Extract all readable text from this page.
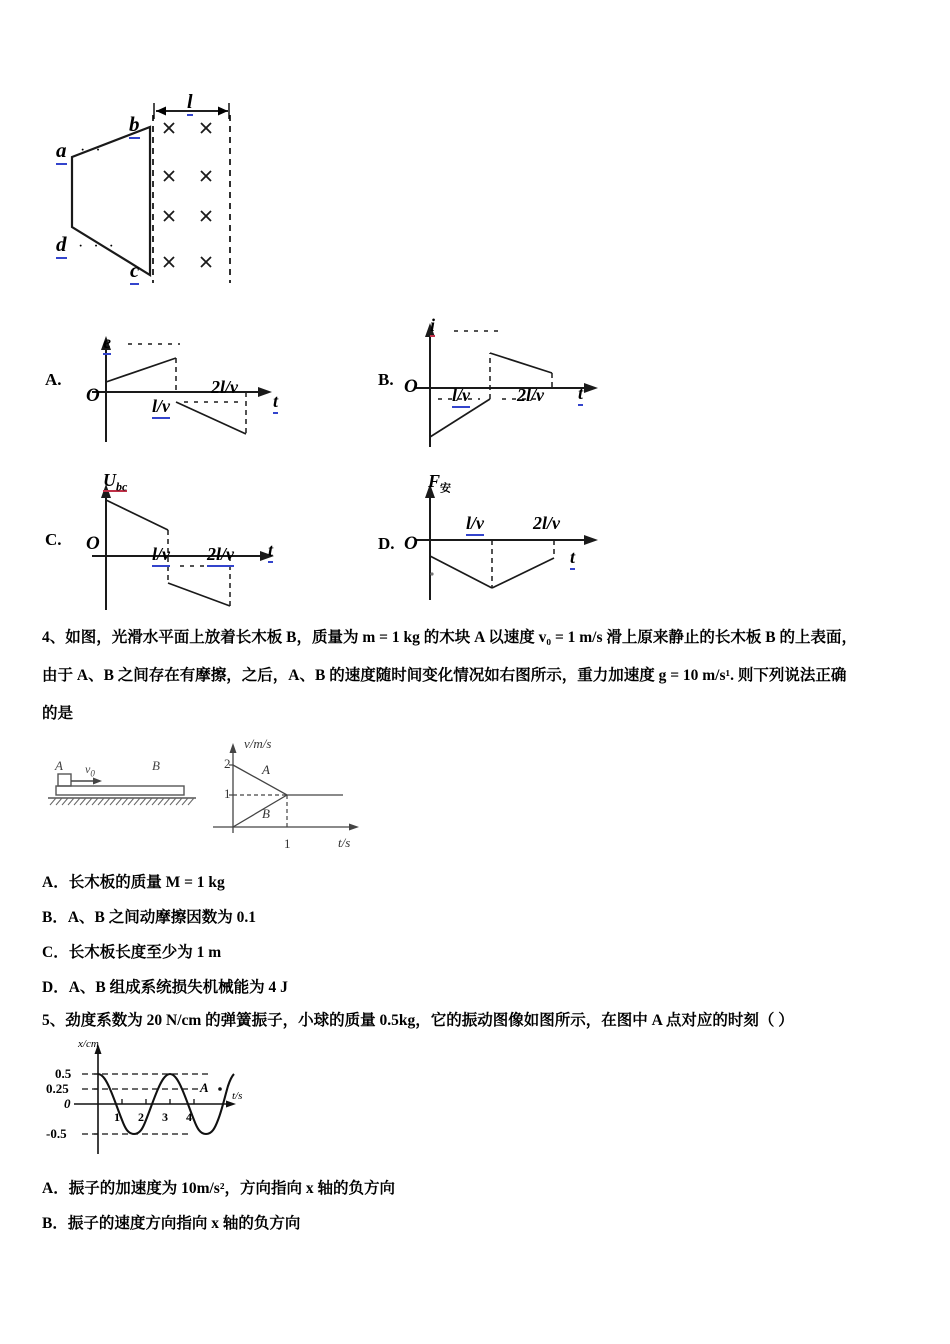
a
b
c
d
l
· ·
· · ·
A.
e
O	l/v
2l/v
t
B.
i
O l/v	2l/v t
C.
$U_{bc}$
O	l/v 2l/v t	D.
$F_安$
O
l/v	2l/v
t
4、如图，光滑水平面上放着长木板 B，质量为 m = 1 kg 的木块 A 以速度 v₀ = 1 m/s 滑上原来静止的长木板 B 的上表面，
由于 A、B 之间存在有摩擦，之后，A、B 的速度随时间变化情况如右图所示，重力加速度 g = 10 m/s¹. 则下列说法正确
的是
A $v_0$
B
v/m/s
t/s
2
1
1
A
B
A．长木板的质量 M = 1 kg
B．A、B 之间动摩擦因数为 0.1
C．长木板长度至少为 1 m
D．A、B 组成系统损失机械能为 4 J
5、劲度系数为 20 N/cm 的弹簧振子，小球的质量 0.5kg，它的振动图像如图所示，在图中 A 点对应的时刻（ ）
x/cm
t/s
0.5
0.25
0
-0.5
1 2 3 4
A
A．振子的加速度为 10m/s²，方向指向 x 轴的负方向
B．振子的速度方向指向 x 轴的负方向
